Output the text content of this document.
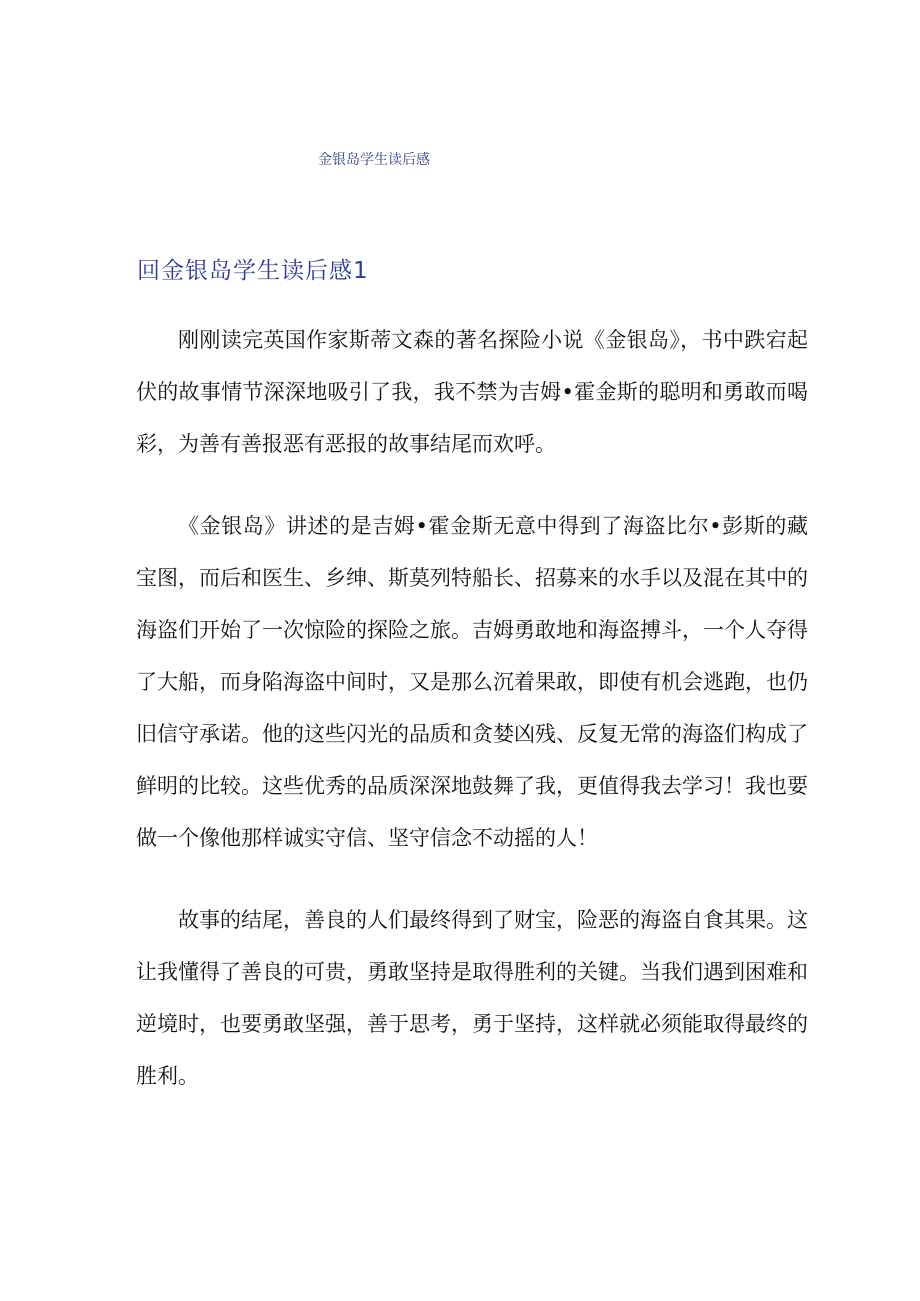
金银岛学生读后感
回金银岛学生读后感1

刚刚读完英国作家斯蒂文森的著名探险小说《金银岛》，书中跌宕起伏的故事情节深深地吸引了我，我不禁为吉姆•霍金斯的聪明和勇敢而喝彩，为善有善报恶有恶报的故事结尾而欢呼。

《金银岛》讲述的是吉姆•霍金斯无意中得到了海盗比尔•彭斯的藏宝图，而后和医生、乡绅、斯莫列特船长、招募来的水手以及混在其中的海盗们开始了一次惊险的探险之旅。吉姆勇敢地和海盗搏斗，一个人夺得了大船，而身陷海盗中间时，又是那么沉着果敢，即使有机会逃跑，也仍旧信守承诺。他的这些闪光的品质和贪婪凶残、反复无常的海盗们构成了鲜明的比较。这些优秀的品质深深地鼓舞了我，更值得我去学习！我也要做一个像他那样诚实守信、坚守信念不动摇的人！

故事的结尾，善良的人们最终得到了财宝，险恶的海盗自食其果。这让我懂得了善良的可贵，勇敢坚持是取得胜利的关键。当我们遇到困难和逆境时，也要勇敢坚强，善于思考，勇于坚持，这样就必须能取得最终的胜利。
